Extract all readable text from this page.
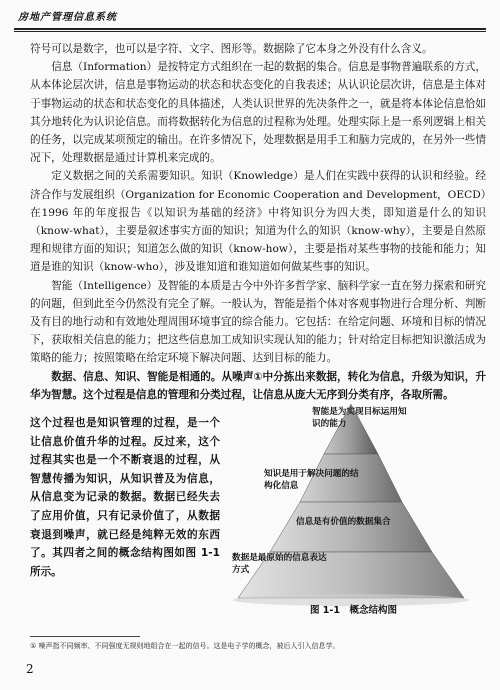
房地产管理信息系统

符号可以是数字，也可以是字符、文字、图形等。数据除了它本身之外没有什么含义。

信息（Information）是按特定方式组织在一起的数据的集合。信息是事物普遍联系的方式，从本体论层次讲，信息是事物运动的状态和状态变化的自我表述；从认识论层次讲，信息是主体对于事物运动的状态和状态变化的具体描述，人类认识世界的先决条件之一，就是将本体论信息恰如其分地转化为认识论信息。而将数据转化为信息的过程称为处理。处理实际上是一系列逻辑上相关的任务，以完成某项预定的输出。在许多情况下，处理数据是用手工和脑力完成的，在另外一些情况下，处理数据是通过计算机来完成的。

定义数据之间的关系需要知识。知识（Knowledge）是人们在实践中获得的认识和经验。经济合作与发展组织（Organization for Economic Cooperation and Development，OECD）在1996 年的年度报告《以知识为基础的经济》中将知识分为四大类，即知道是什么的知识（know-what），主要是叙述事实方面的知识；知道为什么的知识（know-why），主要是自然原理和规律方面的知识；知道怎么做的知识（know-how），主要是指对某些事物的技能和能力；知道是谁的知识（know-who），涉及谁知道和谁知道如何做某些事的知识。

智能（Intelligence）及智能的本质是古今中外许多哲学家、脑科学家一直在努力探索和研究的问题，但到此至今仍然没有完全了解。一般认为，智能是指个体对客观事物进行合理分析、判断及有目的地行动和有效地处理周围环境事宜的综合能力。它包括：在给定问题、环境和目标的情况下，获取相关信息的能力；把这些信息加工成知识实现认知的能力；针对给定目标把知识激活成为策略的能力；按照策略在给定环境下解决问题、达到目标的能力。

数据、信息、知识、智能是相通的。从噪声①中分拣出来数据，转化为信息，升级为知识，升华为智慧。这个过程是信息的管理和分类过程，让信息从庞大无序到分类有序，各取所需。

这个过程也是知识管理的过程，是一个让信息价值升华的过程。反过来，这个过程其实也是一个不断衰退的过程，从智慧传播为知识，从知识普及为信息，从信息变为记录的数据。数据已经失去了应用价值，只有记录价值了，从数据衰退到噪声，就已经是纯粹无效的东西了。其四者之间的概念结构图如图 1-1 所示。

智能是为实现目标运用知识的能力
知识是用于解决问题的结构化信息
信息是有价值的数据集合
数据是最原始的信息表达方式
图 1-1　概念结构图
① 噪声指不同频率、不同强度无规则地组合在一起的信号。这是电子学的概念，被后人引入信息学。
2
